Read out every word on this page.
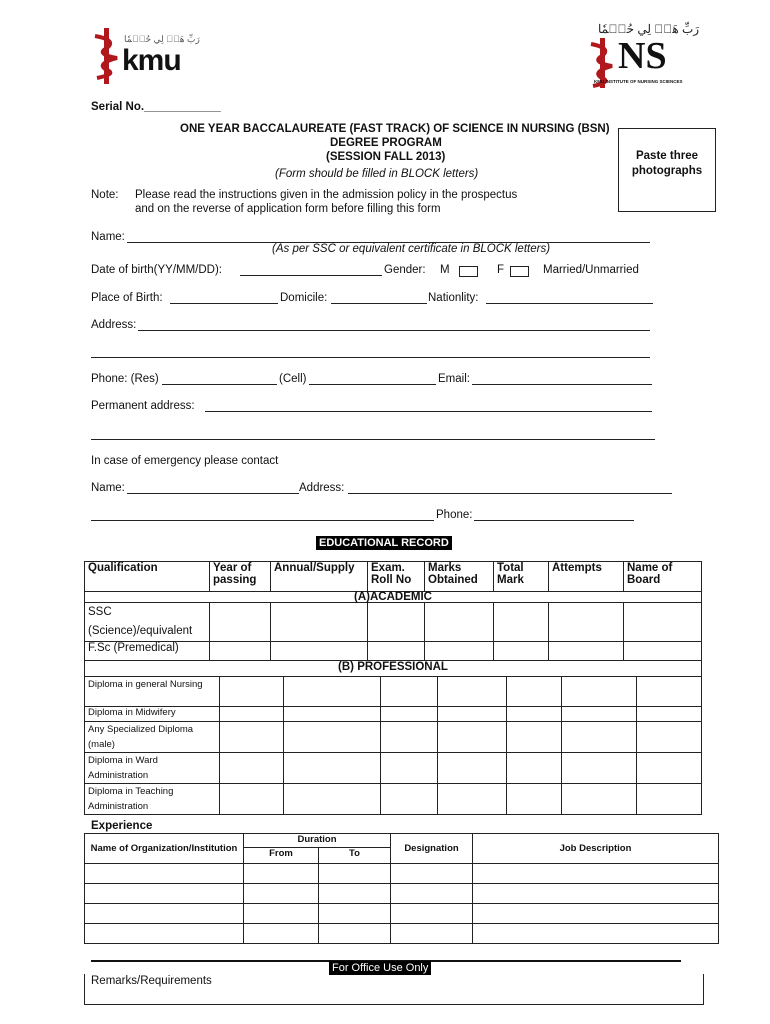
رَبِّ هَبۡ لِي حُكۡمٗا
kmu
رَبِّ هَبۡ لِي حُكۡمٗا
NS
KMU INSTITUTE OF NURSING SCIENCES
Serial No.____________
ONE YEAR BACCALAUREATE (FAST TRACK) OF SCIENCE IN NURSING (BSN)
DEGREE PROGRAM
(SESSION FALL 2013)
(Form should be filled in BLOCK letters)
Paste three
photographs
Note: Please read the instructions given in the admission policy in the prospectus
and on the reverse of application form before filling this form
Name:
(As per SSC or equivalent certificate in BLOCK letters)
Date of birth(YY/MM/DD):	Gender: M	F	Married/Unmarried
Place of Birth:	Domicile:	Nationlity:
Address:
Phone: (Res)	(Cell)	Email:
Permanent address:
In case of emergency please contact
Name:	Address:
Phone:
EDUCATIONAL RECORD
Qualification	Year of passing	Annual/Supply	Exam. Roll No	Marks Obtained	Total Mark	Attempts	Name of Board
(A)ACADEMIC							
SSC (Science)/equivalent							
F.Sc (Premedical)							
(B) PROFESSIONAL							
Diploma in general Nursing							
Diploma in Midwifery							
Any Specialized Diploma (male)							
Diploma in Ward Administration							
Diploma in Teaching Administration							
Experience
Name of Organization/Institution	Duration		Designation	Job Description
	From	To		

For Office Use Only
Remarks/Requirements
